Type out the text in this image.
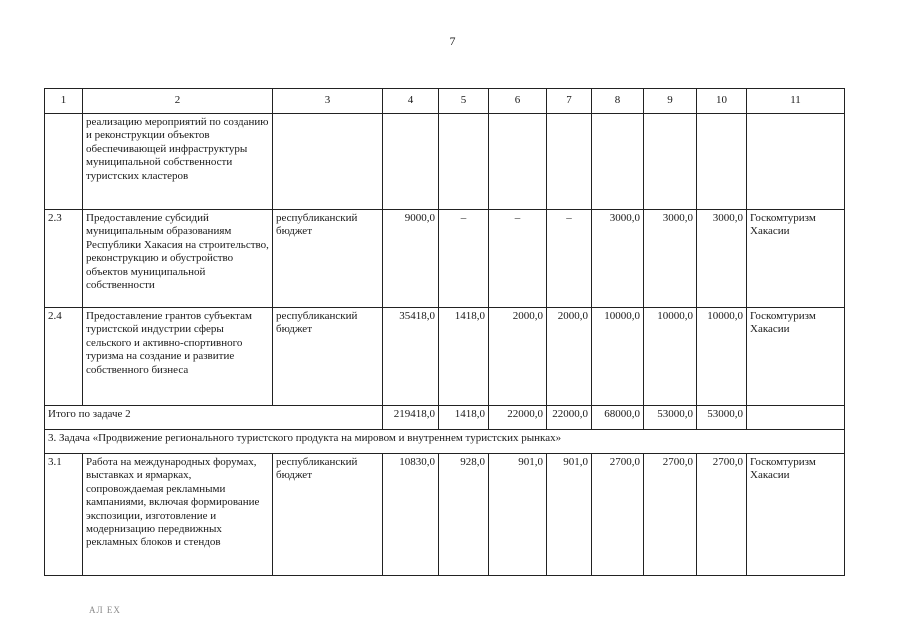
7
1	2	3	4	5	6	7	8	9	10	11
	реализацию мероприятий по созданию и реконструкции объектов обеспечивающей инфраструктуры муниципальной собственности туристских кластеров									
2.3	Предоставление субсидий муниципальным образованиям Республики Хакасия на строительство, реконструкцию и обустройство объектов муниципальной собственности	республиканский бюджет	9000,0	–	–	–	3000,0	3000,0	3000,0	Госкомтуризм Хакасии
2.4	Предоставление грантов субъектам туристской индустрии сферы сельского и активно-спортивного туризма на создание и развитие собственного бизнеса	республиканский бюджет	35418,0	1418,0	2000,0	2000,0	10000,0	10000,0	10000,0	Госкомтуризм Хакасии
Итого по задаче 2			219418,0	1418,0	22000,0	22000,0	68000,0	53000,0	53000,0	
3. Задача «Продвижение регионального туристского продукта на мировом и внутреннем туристских рынках»										
3.1	Работа на международных форумах, выставках и ярмарках, сопровождаемая рекламными кампаниями, включая формирование экспозиции, изготовление и модернизацию передвижных рекламных блоков и стендов	республиканский бюджет	10830,0	928,0	901,0	901,0	2700,0	2700,0	2700,0	Госкомтуризм Хакасии
АЛ ЕХ
